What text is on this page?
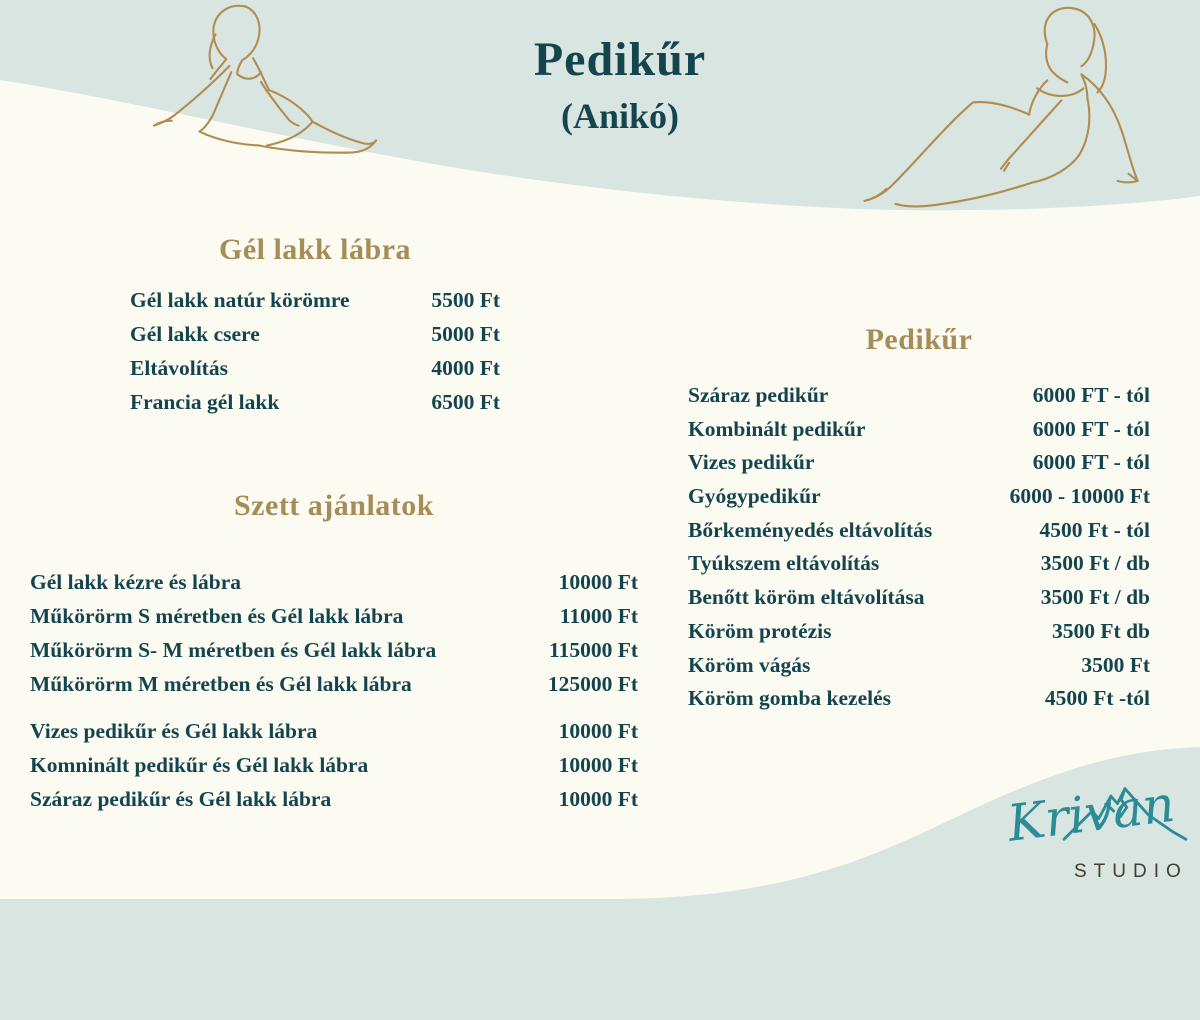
Pedikűr
(Anikó)
Gél lakk lábra
Gél lakk natúr körömre	5500 Ft
Gél lakk csere	5000 Ft
Eltávolítás	4000 Ft
Francia gél lakk	6500 Ft
Szett ajánlatok
Gél lakk kézre és lábra	10000 Ft
Műkörörm S méretben és Gél lakk lábra	11000 Ft
Műkörörm S- M méretben és Gél lakk lábra	115000 Ft
Műkörörm M méretben és Gél lakk lábra	125000 Ft
Vizes pedikűr és Gél lakk lábra	10000 Ft
Komninált pedikűr és Gél lakk lábra	10000 Ft
Száraz pedikűr és Gél lakk lábra	10000 Ft
Pedikűr
Száraz pedikűr	6000 FT - tól
Kombinált pedikűr	6000 FT - tól
Vizes pedikűr	6000 FT - tól
Gyógypedikűr	6000 - 10000 Ft
Bőrkeményedés eltávolítás	4500 Ft - tól
Tyúkszem eltávolítás	3500 Ft / db
Benőtt köröm eltávolítása	3500 Ft / db
Köröm protézis	3500 Ft db
Köröm vágás	3500 Ft
Köröm gomba kezelés	4500 Ft -tól
Krivan
STUDIO
